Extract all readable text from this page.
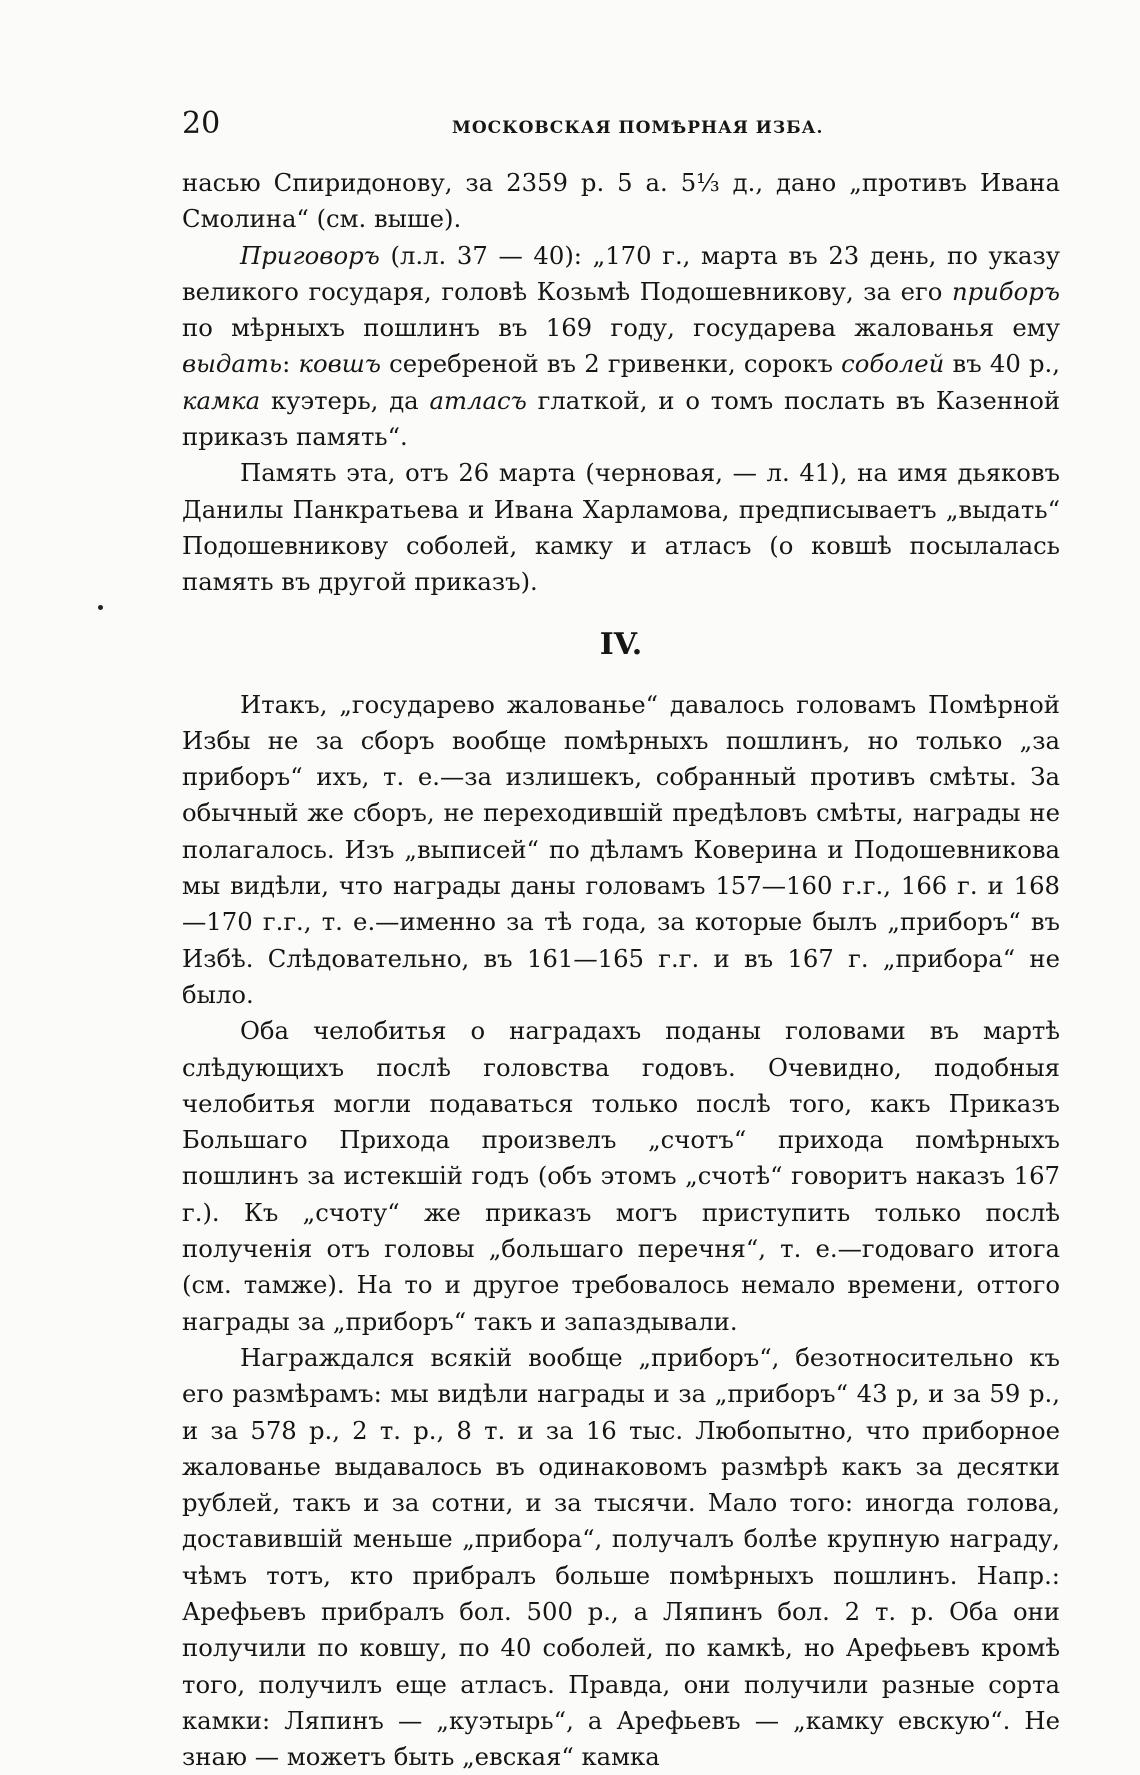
20	МОСКОВСКАЯ ПОМѢРНАЯ ИЗБА.

насью Спиридонову, за 2359 р. 5 а. 5⅓ д., дано „противъ Ивана Смолина“ (см. выше).

Приговоръ (л.л. 37 — 40): „170 г., марта въ 23 день, по указу великого государя, головѣ Козьмѣ Подошевникову, за его приборъ по мѣрныхъ пошлинъ въ 169 году, государева жалованья ему выдать: ковшъ серебреной въ 2 гривенки, сорокъ соболей въ 40 р., камка куэтерь, да атласъ глаткой, и о томъ послать въ Казенной приказъ память“.

Память эта, отъ 26 марта (черновая, — л. 41), на имя дьяковъ Данилы Панкратьева и Ивана Харламова, предписываетъ „выдать“ Подошевникову соболей, камку и атласъ (о ковшѣ посылалась память въ другой приказъ).

IV.

Итакъ, „государево жалованье“ давалось головамъ Помѣрной Избы не за сборъ вообще помѣрныхъ пошлинъ, но только „за приборъ“ ихъ, т. е.—за излишекъ, собранный противъ смѣты. За обычный же сборъ, не переходившій предѣловъ смѣты, награды не полагалось. Изъ „выписей“ по дѣламъ Коверина и Подошевникова мы видѣли, что награды даны головамъ 157—160 г.г., 166 г. и 168—170 г.г., т. е.—именно за тѣ года, за которые былъ „приборъ“ въ Избѣ. Слѣдовательно, въ 161—165 г.г. и въ 167 г. „прибора“ не было.

Оба челобитья о наградахъ поданы головами въ мартѣ слѣдующихъ послѣ головства годовъ. Очевидно, подобныя челобитья могли подаваться только послѣ того, какъ Приказъ Большаго Прихода произвелъ „счотъ“ прихода помѣрныхъ пошлинъ за истекшій годъ (объ этомъ „счотѣ“ говоритъ наказъ 167 г.). Къ „счоту“ же приказъ могъ приступить только послѣ полученія отъ головы „большаго перечня“, т. е.—годоваго итога (см. тамже). На то и другое требовалось немало времени, оттого награды за „приборъ“ такъ и запаздывали.

Награждался всякій вообще „приборъ“, безотносительно къ его размѣрамъ: мы видѣли награды и за „приборъ“ 43 р, и за 59 р., и за 578 р., 2 т. р., 8 т. и за 16 тыс. Любопытно, что приборное жалованье выдавалось въ одинаковомъ размѣрѣ какъ за десятки рублей, такъ и за сотни, и за тысячи. Мало того: иногда голова, доставившій меньше „прибора“, получалъ болѣе крупную награду, чѣмъ тотъ, кто прибралъ больше помѣрныхъ пошлинъ. Напр.: Арефьевъ прибралъ бол. 500 р., а Ляпинъ бол. 2 т. р. Оба они получили по ковшу, по 40 соболей, по камкѣ, но Арефьевъ кромѣ того, получилъ еще атласъ. Правда, они получили разные сорта камки: Ляпинъ — „куэтырь“, а Арефьевъ — „камку евскую“. Не знаю — можетъ быть „евская“ камка
